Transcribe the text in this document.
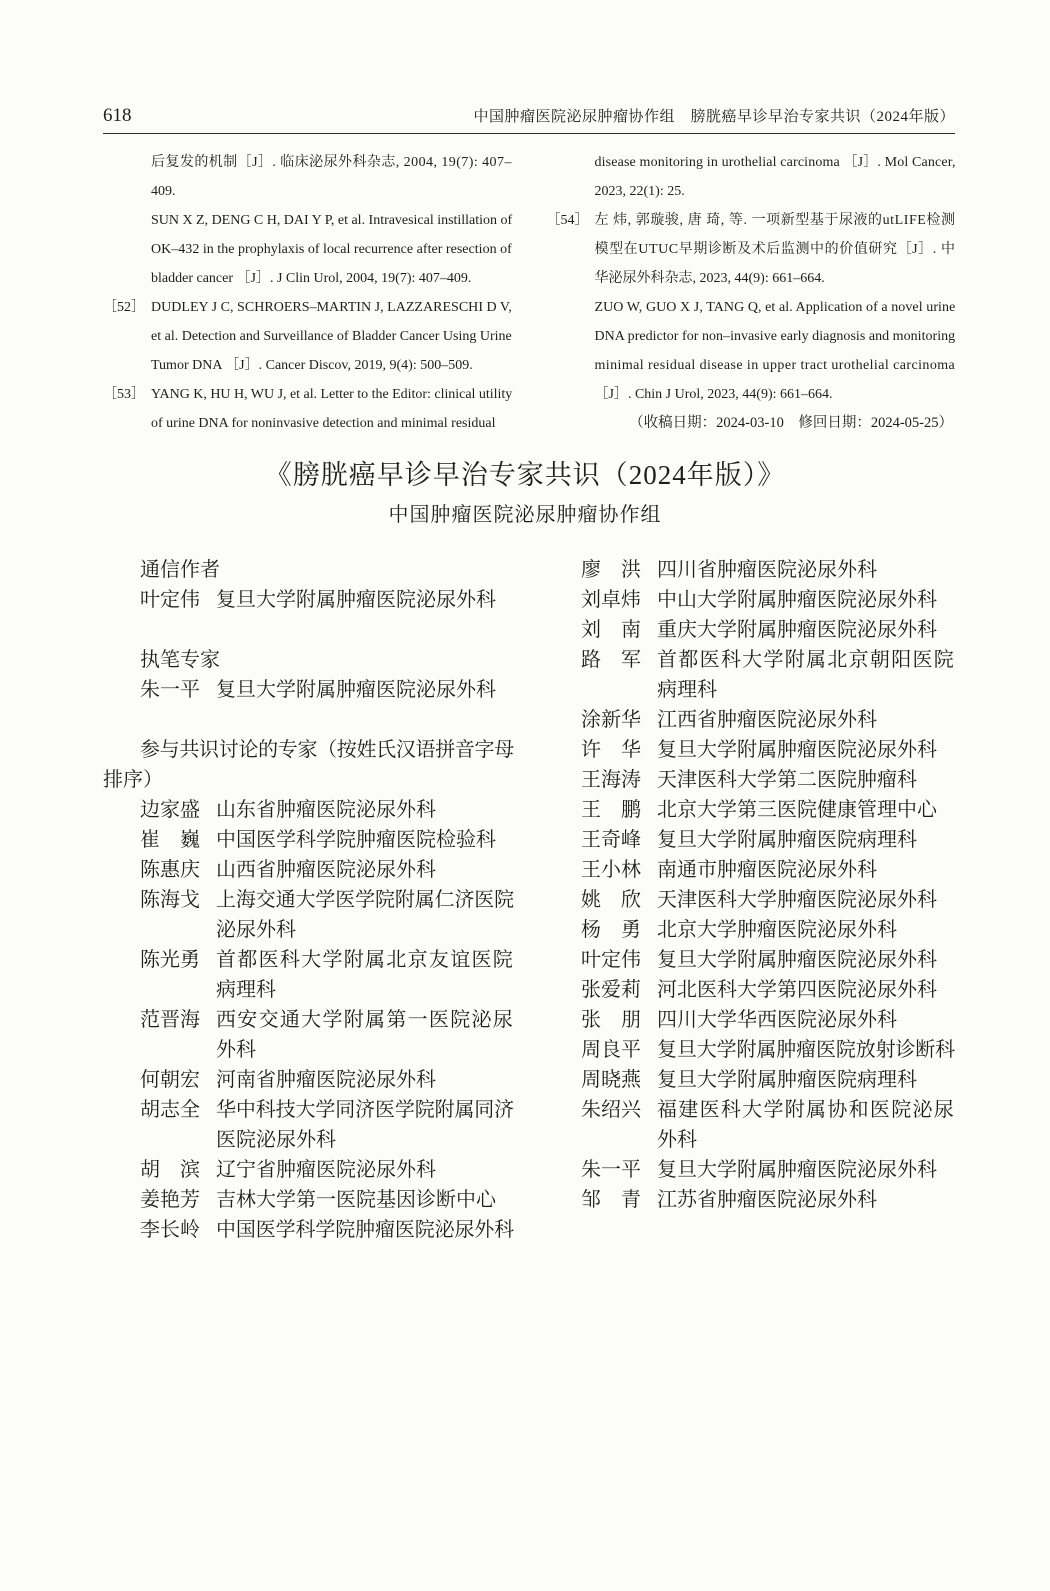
618	中国肿瘤医院泌尿肿瘤协作组　膀胱癌早诊早治专家共识（2024年版）
后复发的机制［J］. 临床泌尿外科杂志, 2004, 19(7): 407–
409.
SUN X Z, DENG C H, DAI Y P, et al. Intravesical instillation of
OK–432 in the prophylaxis of local recurrence after resection of
bladder cancer ［J］. J Clin Urol, 2004, 19(7): 407–409.
［52］ DUDLEY J C, SCHROERS–MARTIN J, LAZZARESCHI D V,
et al. Detection and Surveillance of Bladder Cancer Using Urine
Tumor DNA ［J］. Cancer Discov, 2019, 9(4): 500–509.
［53］ YANG K, HU H, WU J, et al. Letter to the Editor: clinical utility
of urine DNA for noninvasive detection and minimal residual
disease monitoring in urothelial carcinoma ［J］. Mol Cancer,
2023, 22(1): 25.
［54］ 左 炜, 郭璇骏, 唐 琦, 等. 一项新型基于尿液的utLIFE检测
模型在UTUC早期诊断及术后监测中的价值研究［J］. 中
华泌尿外科杂志, 2023, 44(9): 661–664.
ZUO W, GUO X J, TANG Q, et al. Application of a novel urine
DNA predictor for non–invasive early diagnosis and monitoring
minimal residual disease in upper tract urothelial carcinoma
［J］. Chin J Urol, 2023, 44(9): 661–664.
（收稿日期：2024-03-10　修回日期：2024-05-25）
《膀胱癌早诊早治专家共识（2024年版）》
中国肿瘤医院泌尿肿瘤协作组
通信作者
叶定伟 复旦大学附属肿瘤医院泌尿外科
执笔专家
朱一平 复旦大学附属肿瘤医院泌尿外科
参与共识讨论的专家（按姓氏汉语拼音字母
排序）
边家盛 山东省肿瘤医院泌尿外科
崔　巍 中国医学科学院肿瘤医院检验科
陈惠庆 山西省肿瘤医院泌尿外科
陈海戈 上海交通大学医学院附属仁济医院
泌尿外科
陈光勇 首都医科大学附属北京友谊医院
病理科
范晋海 西安交通大学附属第一医院泌尿
外科
何朝宏 河南省肿瘤医院泌尿外科
胡志全 华中科技大学同济医学院附属同济
医院泌尿外科
胡　滨 辽宁省肿瘤医院泌尿外科
姜艳芳 吉林大学第一医院基因诊断中心
李长岭 中国医学科学院肿瘤医院泌尿外科
廖　洪 四川省肿瘤医院泌尿外科
刘卓炜 中山大学附属肿瘤医院泌尿外科
刘　南 重庆大学附属肿瘤医院泌尿外科
路　军 首都医科大学附属北京朝阳医院
病理科
涂新华 江西省肿瘤医院泌尿外科
许　华 复旦大学附属肿瘤医院泌尿外科
王海涛 天津医科大学第二医院肿瘤科
王　鹏 北京大学第三医院健康管理中心
王奇峰 复旦大学附属肿瘤医院病理科
王小林 南通市肿瘤医院泌尿外科
姚　欣 天津医科大学肿瘤医院泌尿外科
杨　勇 北京大学肿瘤医院泌尿外科
叶定伟 复旦大学附属肿瘤医院泌尿外科
张爱莉 河北医科大学第四医院泌尿外科
张　朋 四川大学华西医院泌尿外科
周良平 复旦大学附属肿瘤医院放射诊断科
周晓燕 复旦大学附属肿瘤医院病理科
朱绍兴 福建医科大学附属协和医院泌尿
外科
朱一平 复旦大学附属肿瘤医院泌尿外科
邹　青 江苏省肿瘤医院泌尿外科
